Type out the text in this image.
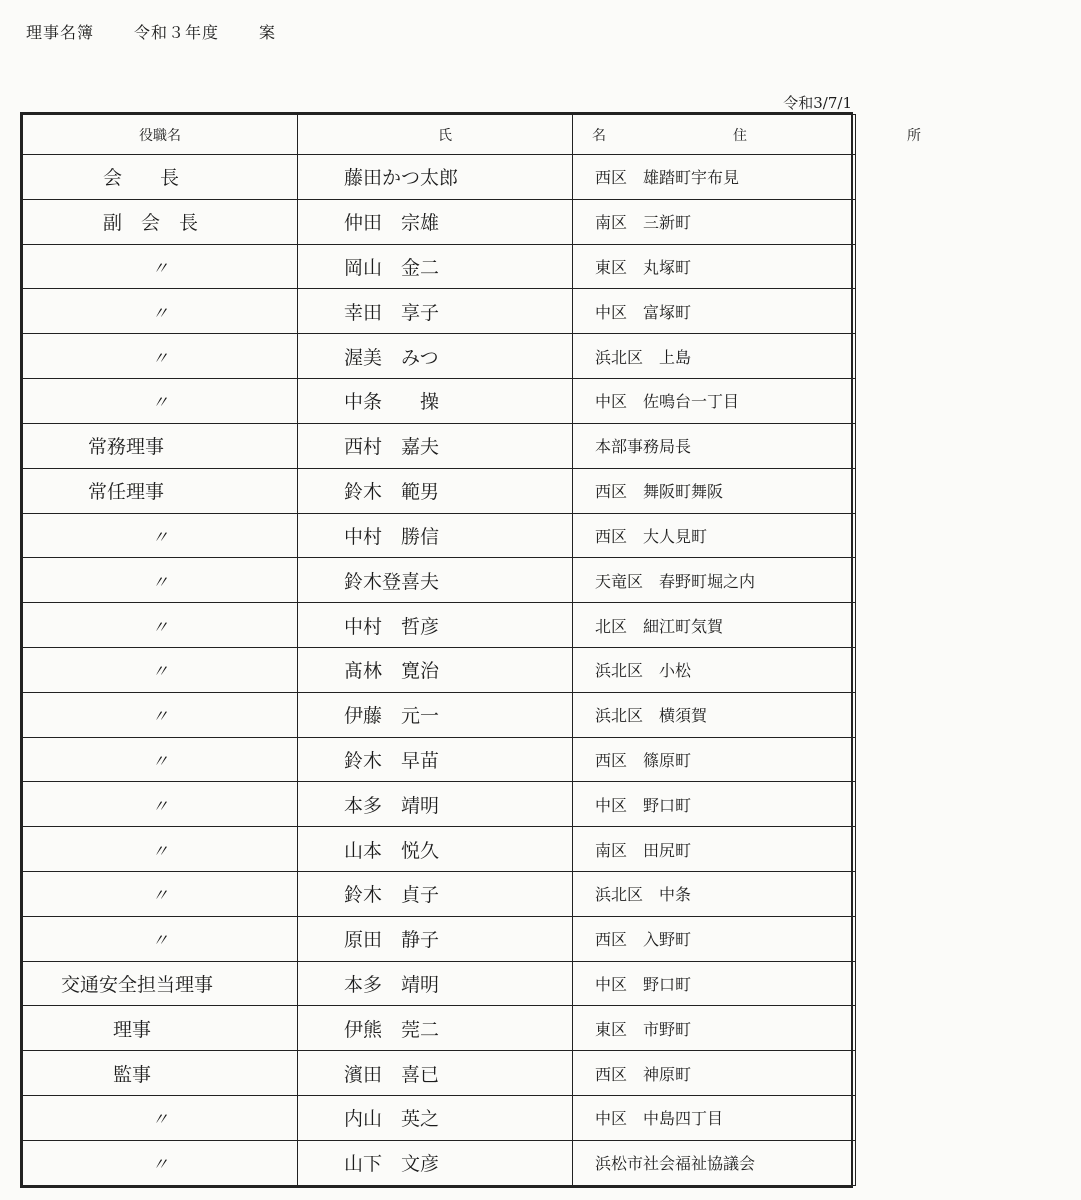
理事名簿	令和３年度	案
令和3/7/1
役職名	氏名	住所
会　　長	藤田かつ太郎	西区　雄踏町宇布見
副　会　長	仲田　宗雄	南区　三新町
〃	岡山　金二	東区　丸塚町
〃	幸田　享子	中区　富塚町
〃	渥美　みつ	浜北区　上島
〃	中条　　操	中区　佐鳴台一丁目
常務理事	西村　嘉夫	本部事務局長
常任理事	鈴木　範男	西区　舞阪町舞阪
〃	中村　勝信	西区　大人見町
〃	鈴木登喜夫	天竜区　春野町堀之内
〃	中村　哲彦	北区　細江町気賀
〃	髙林　寛治	浜北区　小松
〃	伊藤　元一	浜北区　横須賀
〃	鈴木　早苗	西区　篠原町
〃	本多　靖明	中区　野口町
〃	山本　悦久	南区　田尻町
〃	鈴木　貞子	浜北区　中条
〃	原田　静子	西区　入野町
交通安全担当理事	本多　靖明	中区　野口町
理事	伊熊　莞二	東区　市野町
監事	濱田　喜已	西区　神原町
〃	内山　英之	中区　中島四丁目
〃	山下　文彦	浜松市社会福祉協議会
